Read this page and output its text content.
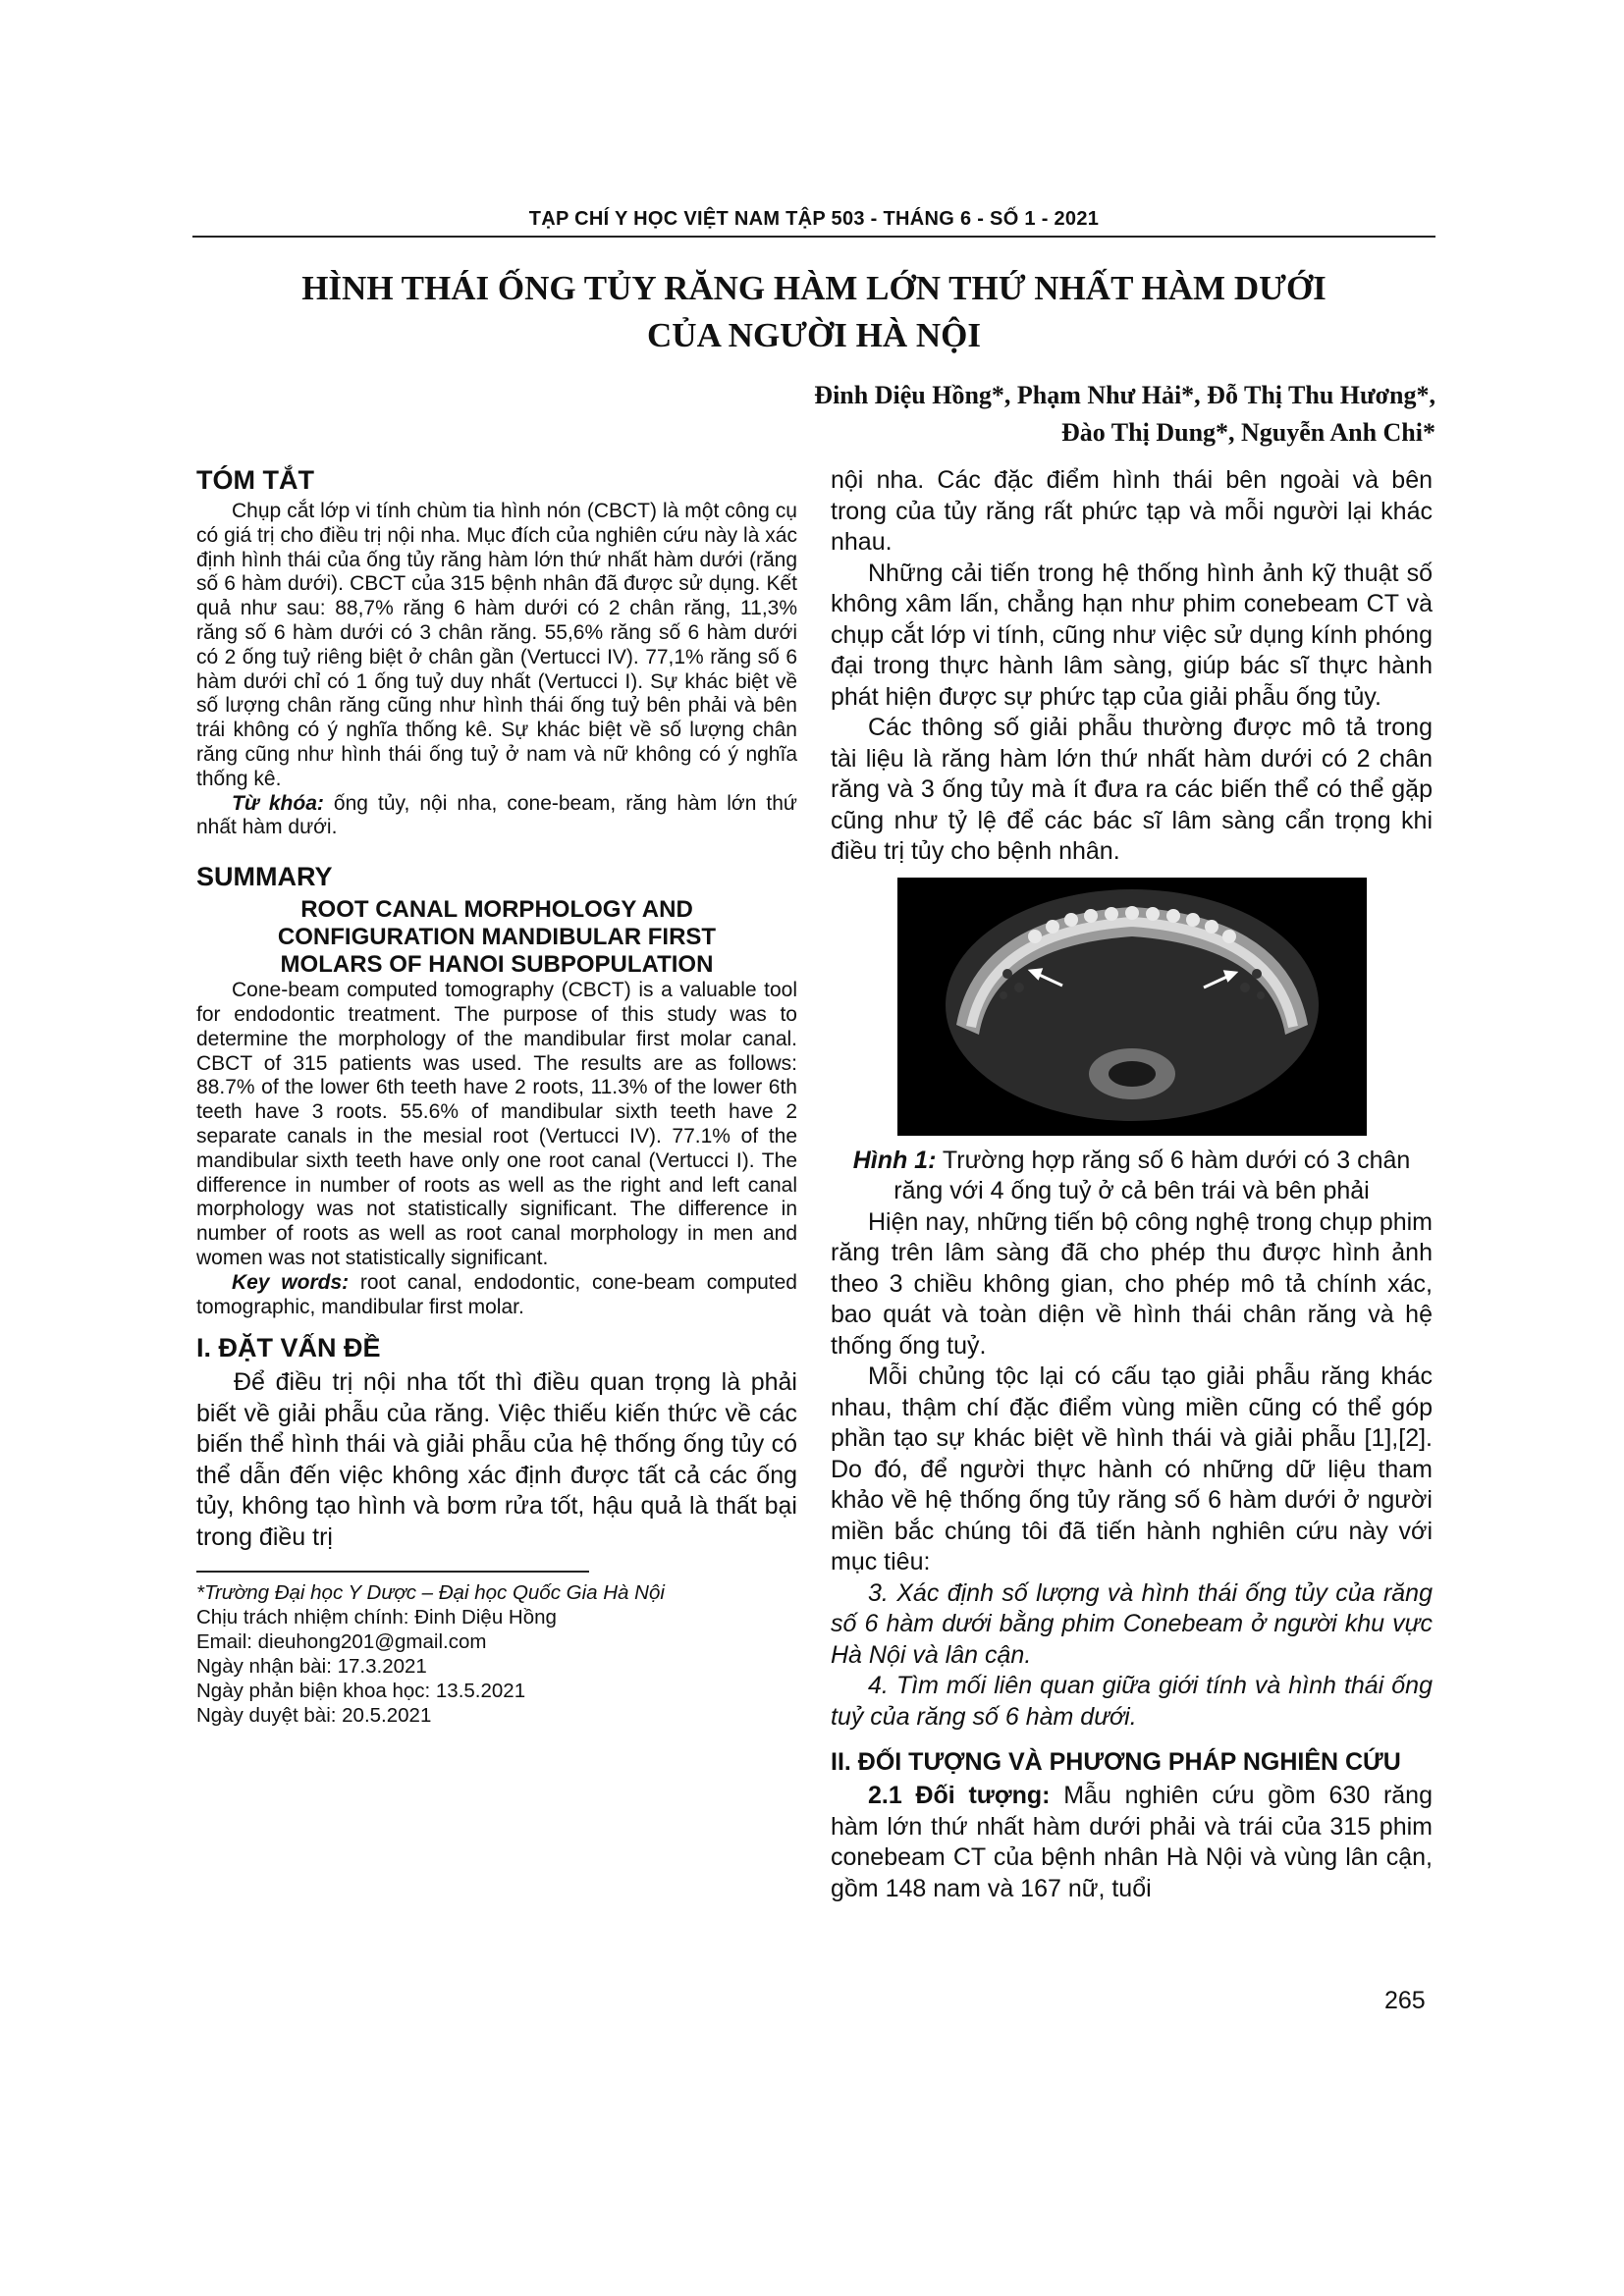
TẠP CHÍ Y HỌC VIỆT NAM TẬP 503 - THÁNG 6 - SỐ 1 - 2021
HÌNH THÁI ỐNG TỦY RĂNG HÀM LỚN THỨ NHẤT HÀM DƯỚI
CỦA NGƯỜI HÀ NỘI
Đinh Diệu Hồng*, Phạm Như Hải*, Đỗ Thị Thu Hương*,
Đào Thị Dung*, Nguyễn Anh Chi*
TÓM TẮT

Chụp cắt lớp vi tính chùm tia hình nón (CBCT) là một công cụ có giá trị cho điều trị nội nha. Mục đích của nghiên cứu này là xác định hình thái của ống tủy răng hàm lớn thứ nhất hàm dưới (răng số 6 hàm dưới). CBCT của 315 bệnh nhân đã được sử dụng. Kết quả như sau: 88,7% răng 6 hàm dưới có 2 chân răng, 11,3% răng số 6 hàm dưới có 3 chân răng. 55,6% răng số 6 hàm dưới có 2 ống tuỷ riêng biệt ở chân gần (Vertucci IV). 77,1% răng số 6 hàm dưới chỉ có 1 ống tuỷ duy nhất (Vertucci I). Sự khác biệt về số lượng chân răng cũng như hình thái ống tuỷ bên phải và bên trái không có ý nghĩa thống kê. Sự khác biệt về số lượng chân răng cũng như hình thái ống tuỷ ở nam và nữ không có ý nghĩa thống kê.

Từ khóa: ống tủy, nội nha, cone-beam, răng hàm lớn thứ nhất hàm dưới.

SUMMARY
ROOT CANAL MORPHOLOGY AND
CONFIGURATION MANDIBULAR FIRST
MOLARS OF HANOI SUBPOPULATION

Cone-beam computed tomography (CBCT) is a valuable tool for endodontic treatment. The purpose of this study was to determine the morphology of the mandibular first molar canal. CBCT of 315 patients was used. The results are as follows: 88.7% of the lower 6th teeth have 2 roots, 11.3% of the lower 6th teeth have 3 roots. 55.6% of mandibular sixth teeth have 2 separate canals in the mesial root (Vertucci IV). 77.1% of the mandibular sixth teeth have only one root canal (Vertucci I). The difference in number of roots as well as the right and left canal morphology was not statistically significant. The difference in number of roots as well as root canal morphology in men and women was not statistically significant.

Key words: root canal, endodontic, cone-beam computed tomographic, mandibular first molar.

I. ĐẶT VẤN ĐỀ

Để điều trị nội nha tốt thì điều quan trọng là phải biết về giải phẫu của răng. Việc thiếu kiến thức về các biến thể hình thái và giải phẫu của hệ thống ống tủy có thể dẫn đến việc không xác định được tất cả các ống tủy, không tạo hình và bơm rửa tốt, hậu quả là thất bại trong điều trị

*Trường Đại học Y Dược – Đại học Quốc Gia Hà Nội

Chịu trách nhiệm chính: Đinh Diệu Hồng

Email: dieuhong201@gmail.com

Ngày nhận bài: 17.3.2021

Ngày phản biện khoa học: 13.5.2021

Ngày duyệt bài: 20.5.2021

nội nha. Các đặc điểm hình thái bên ngoài và bên trong của tủy răng rất phức tạp và mỗi người lại khác nhau.

Những cải tiến trong hệ thống hình ảnh kỹ thuật số không xâm lấn, chẳng hạn như phim conebeam CT và chụp cắt lớp vi tính, cũng như việc sử dụng kính phóng đại trong thực hành lâm sàng, giúp bác sĩ thực hành phát hiện được sự phức tạp của giải phẫu ống tủy.

Các thông số giải phẫu thường được mô tả trong tài liệu là răng hàm lớn thứ nhất hàm dưới có 2 chân răng và 3 ống tủy mà ít đưa ra các biến thể có thể gặp cũng như tỷ lệ để các bác sĩ lâm sàng cẩn trọng khi điều trị tủy cho bệnh nhân.

Hình 1: Trường hợp răng số 6 hàm dưới có 3 chân răng với 4 ống tuỷ ở cả bên trái và bên phải

Hiện nay, những tiến bộ công nghệ trong chụp phim răng trên lâm sàng đã cho phép thu được hình ảnh theo 3 chiều không gian, cho phép mô tả chính xác, bao quát và toàn diện về hình thái chân răng và hệ thống ống tuỷ.

Mỗi chủng tộc lại có cấu tạo giải phẫu răng khác nhau, thậm chí đặc điểm vùng miền cũng có thể góp phần tạo sự khác biệt về hình thái và giải phẫu [1],[2]. Do đó, để người thực hành có những dữ liệu tham khảo về hệ thống ống tủy răng số 6 hàm dưới ở người miền bắc chúng tôi đã tiến hành nghiên cứu này với mục tiêu:

3. Xác định số lượng và hình thái ống tủy của răng số 6 hàm dưới bằng phim Conebeam ở người khu vực Hà Nội và lân cận.

4. Tìm mối liên quan giữa giới tính và hình thái ống tuỷ của răng số 6 hàm dưới.

II. ĐỐI TƯỢNG VÀ PHƯƠNG PHÁP NGHIÊN CỨU

2.1 Đối tượng: Mẫu nghiên cứu gồm 630 răng hàm lớn thứ nhất hàm dưới phải và trái của 315 phim conebeam CT của bệnh nhân Hà Nội và vùng lân cận, gồm 148 nam và 167 nữ, tuổi

265
